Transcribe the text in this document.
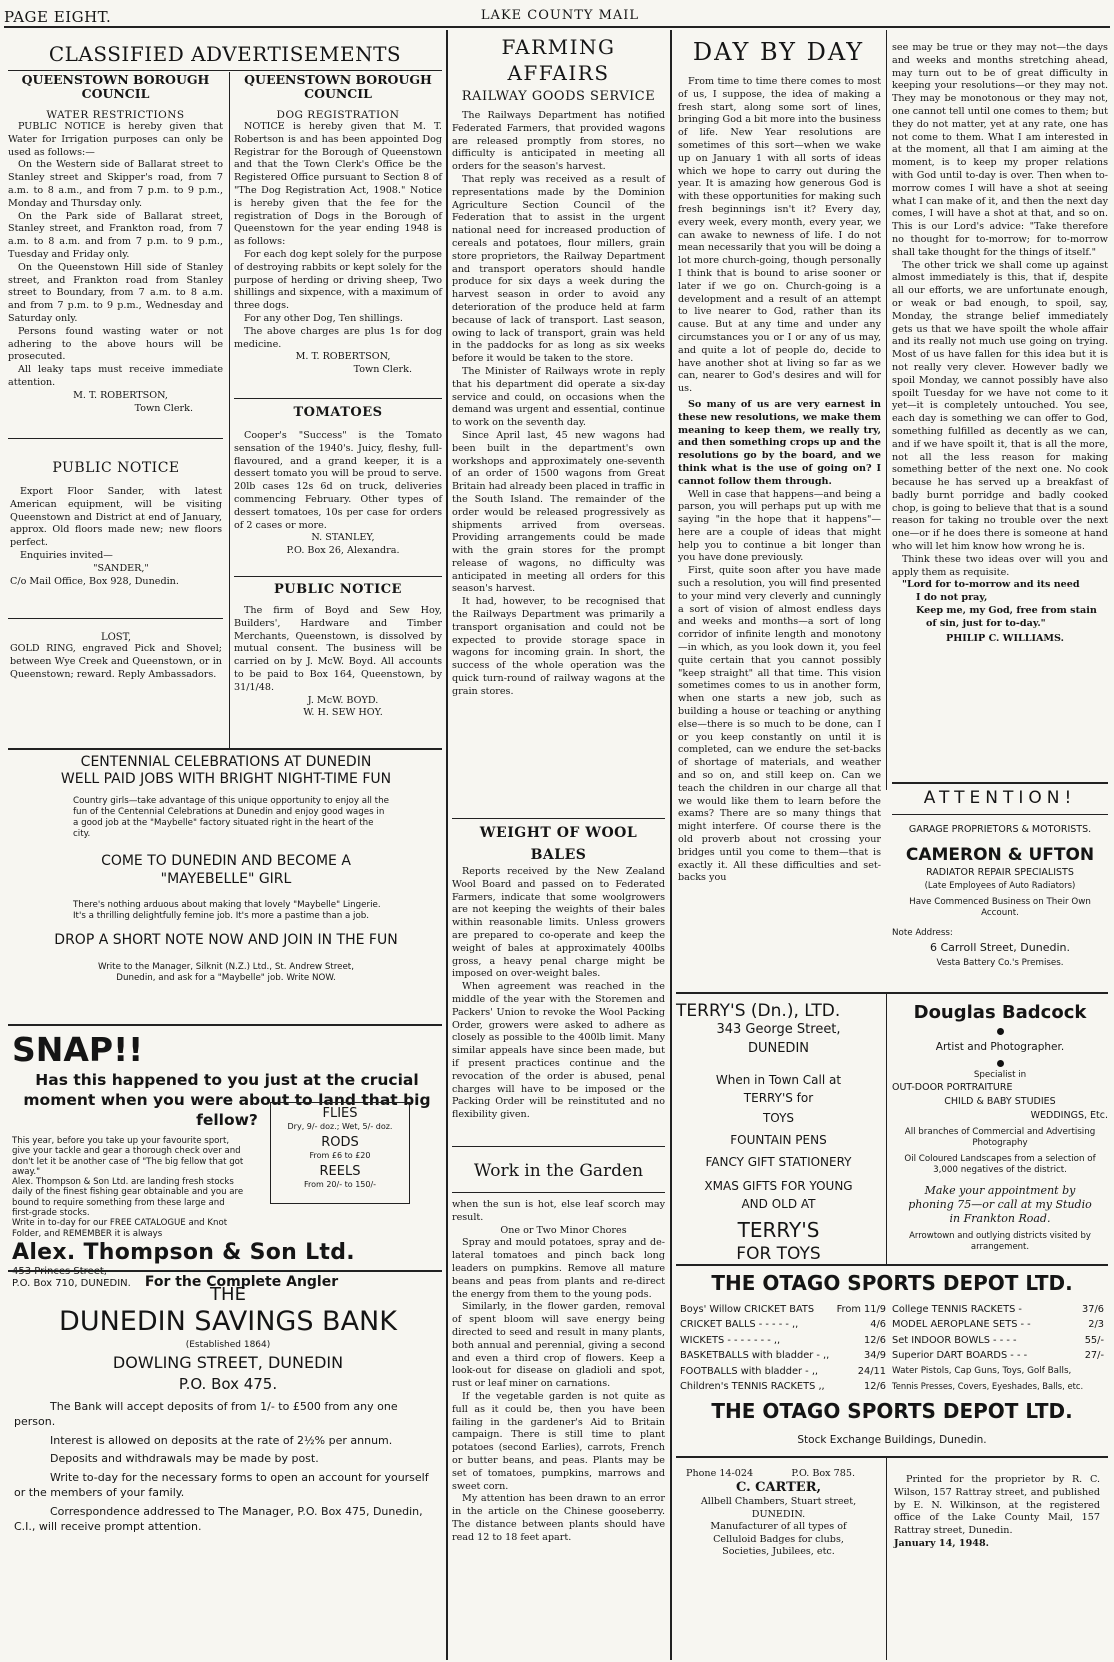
PAGE EIGHT.	LAKE COUNTY MAIL
CLASSIFIED ADVERTISEMENTS
QUEENSTOWN BOROUGH COUNCIL
WATER RESTRICTIONS

PUBLIC NOTICE is hereby given that Water for Irrigation purposes can only be used as follows:—

On the Western side of Ballarat street to Stanley street and Skipper's road, from 7 a.m. to 8 a.m., and from 7 p.m. to 9 p.m., Monday and Thursday only.

On the Park side of Ballarat street, Stanley street, and Frankton road, from 7 a.m. to 8 a.m. and from 7 p.m. to 9 p.m., Tuesday and Friday only.

On the Queenstown Hill side of Stanley street, and Frankton road from Stanley street to Boundary, from 7 a.m. to 8 a.m. and from 7 p.m. to 9 p.m., Wednesday and Saturday only.

Persons found wasting water or not adhering to the above hours will be prosecuted.

All leaky taps must receive immediate attention.

M. T. ROBERTSON,

Town Clerk.

PUBLIC NOTICE

Export Floor Sander, with latest American equipment, will be visiting Queenstown and District at end of January, approx. Old floors made new; new floors perfect.

Enquiries invited—

"SANDER,"

C/o Mail Office, Box 928, Dunedin.

LOST,

GOLD RING, engraved Pick and Shovel; between Wye Creek and Queenstown, or in Queenstown; reward. Reply Ambassadors.

QUEENSTOWN BOROUGH COUNCIL
DOG REGISTRATION

NOTICE is hereby given that M. T. Robertson is and has been appointed Dog Registrar for the Borough of Queenstown and that the Town Clerk's Office be the Registered Office pursuant to Section 8 of "The Dog Registration Act, 1908." Notice is hereby given that the fee for the registration of Dogs in the Borough of Queenstown for the year ending 1948 is as follows:

For each dog kept solely for the purpose of destroying rabbits or kept solely for the purpose of herding or driving sheep, Two shillings and sixpence, with a maximum of three dogs.

For any other Dog, Ten shillings.

The above charges are plus 1s for dog medicine.

M. T. ROBERTSON,

Town Clerk.

TOMATOES

Cooper's "Success" is the Tomato sensation of the 1940's. Juicy, fleshy, full-flavoured, and a grand keeper, it is a dessert tomato you will be proud to serve. 20lb cases 12s 6d on truck, deliveries commencing February. Other types of dessert tomatoes, 10s per case for orders of 2 cases or more.

N. STANLEY,

P.O. Box 26, Alexandra.

PUBLIC NOTICE

The firm of Boyd and Sew Hoy, Builders', Hardware and Timber Merchants, Queenstown, is dissolved by mutual consent. The business will be carried on by J. McW. Boyd. All accounts to be paid to Box 164, Queenstown, by 31/1/48.

J. McW. BOYD.

W. H. SEW HOY.

CENTENNIAL CELEBRATIONS AT DUNEDIN
WELL PAID JOBS WITH BRIGHT NIGHT-TIME FUN

Country girls—take advantage of this unique opportunity to enjoy all the fun of the Centennial Celebrations at Dunedin and enjoy good wages in a good job at the "Maybelle" factory situated right in the heart of the city.

COME TO DUNEDIN AND BECOME A
"MAYEBELLE" GIRL

There's nothing arduous about making that lovely "Maybelle" Lingerie. It's a thrilling delightfully femine job. It's more a pastime than a job.

DROP A SHORT NOTE NOW AND JOIN IN THE FUN

Write to the Manager, Silknit (N.Z.) Ltd., St. Andrew Street, Dunedin, and ask for a "Maybelle" job. Write NOW.

SNAP!!
Has this happened to you just at the crucial moment when you were about to land that big fellow?

This year, before you take up your favourite sport, give your tackle and gear a thorough check over and don't let it be another case of "The big fellow that got away."

Alex. Thompson & Son Ltd. are landing fresh stocks daily of the finest fishing gear obtainable and you are bound to require something from these large and first-grade stocks.

Write in to-day for our FREE CATALOGUE and Knot Folder, and REMEMBER it is always

Alex. Thompson & Son Ltd.
P.O. Box 710, DUNEDIN. For the Complete Angler
FLIES
Dry, 9/- doz.; Wet, 5/- doz.
RODS
From £6 to £20
REELS
From 20/- to 150/-
THE
DUNEDIN SAVINGS BANK
(Established 1864)
DOWLING STREET, DUNEDIN
P.O. Box 475.

The Bank will accept deposits of from 1/- to £500 from any one person.

Interest is allowed on deposits at the rate of 2½% per annum.

Deposits and withdrawals may be made by post.

Write to-day for the necessary forms to open an account for yourself or the members of your family.

Correspondence addressed to The Manager, P.O. Box 475, Dunedin, C.I., will receive prompt attention.

FARMING AFFAIRS
RAILWAY GOODS SERVICE

The Railways Department has notified Federated Farmers, that provided wagons are released promptly from stores, no difficulty is anticipated in meeting all orders for the season's harvest.

That reply was received as a result of representations made by the Dominion Agriculture Section Council of the Federation that to assist in the urgent national need for increased production of cereals and potatoes, flour millers, grain store proprietors, the Railway Department and transport operators should handle produce for six days a week during the harvest season in order to avoid any deterioration of the produce held at farm because of lack of transport. Last season, owing to lack of transport, grain was held in the paddocks for as long as six weeks before it would be taken to the store.

The Minister of Railways wrote in reply that his department did operate a six-day service and could, on occasions when the demand was urgent and essential, continue to work on the seventh day.

Since April last, 45 new wagons had been built in the department's own workshops and approximately one-seventh of an order of 1500 wagons from Great Britain had already been placed in traffic in the South Island. The remainder of the order would be released progressively as shipments arrived from overseas. Providing arrangements could be made with the grain stores for the prompt release of wagons, no difficulty was anticipated in meeting all orders for this season's harvest.

It had, however, to be recognised that the Railways Department was primarily a transport organisation and could not be expected to provide storage space in wagons for incoming grain. In short, the success of the whole operation was the quick turn-round of railway wagons at the grain stores.

WEIGHT OF WOOL BALES

Reports received by the New Zealand Wool Board and passed on to Federated Farmers, indicate that some woolgrowers are not keeping the weights of their bales within reasonable limits. Unless growers are prepared to co-operate and keep the weight of bales at approximately 400lbs gross, a heavy penal charge might be imposed on over-weight bales.

When agreement was reached in the middle of the year with the Storemen and Packers' Union to revoke the Wool Packing Order, growers were asked to adhere as closely as possible to the 400lb limit. Many similar appeals have since been made, but if present practices continue and the revocation of the order is abused, penal charges will have to be imposed or the Packing Order will be reinstituted and no flexibility given.

Work in the Garden

when the sun is hot, else leaf scorch may result.

One or Two Minor Chores

Spray and mould potatoes, spray and de-lateral tomatoes and pinch back long leaders on pumpkins. Remove all mature beans and peas from plants and re-direct the energy from them to the young pods.

Similarly, in the flower garden, removal of spent bloom will save energy being directed to seed and result in many plants, both annual and perennial, giving a second and even a third crop of flowers. Keep a look-out for disease on gladioli and spot, rust or leaf miner on carnations.

If the vegetable garden is not quite as full as it could be, then you have been failing in the gardener's Aid to Britain campaign. There is still time to plant potatoes (second Earlies), carrots, French or butter beans, and peas. Plants may be set of tomatoes, pumpkins, marrows and sweet corn.

My attention has been drawn to an error in the article on the Chinese gooseberry. The distance between plants should have read 12 to 18 feet apart.

DAY BY DAY

From time to time there comes to most of us, I suppose, the idea of making a fresh start, along some sort of lines, bringing God a bit more into the business of life. New Year resolutions are sometimes of this sort—when we wake up on January 1 with all sorts of ideas which we hope to carry out during the year. It is amazing how generous God is with these opportunities for making such fresh beginnings isn't it? Every day, every week, every month, every year, we can awake to newness of life. I do not mean necessarily that you will be doing a lot more church-going, though personally I think that is bound to arise sooner or later if we go on. Church-going is a development and a result of an attempt to live nearer to God, rather than its cause. But at any time and under any circumstances you or I or any of us may, and quite a lot of people do, decide to have another shot at living so far as we can, nearer to God's desires and will for us.

So many of us are very earnest in these new resolutions, we make them meaning to keep them, we really try, and then something crops up and the resolutions go by the board, and we think what is the use of going on? I cannot follow them through.

Well in case that happens—and being a parson, you will perhaps put up with me saying "in the hope that it happens"—here are a couple of ideas that might help you to continue a bit longer than you have done previously.

First, quite soon after you have made such a resolution, you will find presented to your mind very cleverly and cunningly a sort of vision of almost endless days and weeks and months—a sort of long corridor of infinite length and monotony—in which, as you look down it, you feel quite certain that you cannot possibly "keep straight" all that time. This vision sometimes comes to us in another form, when one starts a new job, such as building a house or teaching or anything else—there is so much to be done, can I or you keep constantly on until it is completed, can we endure the set-backs of shortage of materials, and weather and so on, and still keep on. Can we teach the children in our charge all that we would like them to learn before the exams? There are so many things that might interfere. Of course there is the old proverb about not crossing your bridges until you come to them—that is exactly it. All these difficulties and set-backs you

see may be true or they may not—the days and weeks and months stretching ahead, may turn out to be of great difficulty in keeping your resolutions—or they may not. They may be monotonous or they may not, one cannot tell until one comes to them; but they do not matter, yet at any rate, one has not come to them. What I am interested in at the moment, all that I am aiming at the moment, is to keep my proper relations with God until to-day is over. Then when to-morrow comes I will have a shot at seeing what I can make of it, and then the next day comes, I will have a shot at that, and so on. This is our Lord's advice: "Take therefore no thought for to-morrow; for to-morrow shall take thought for the things of itself."

The other trick we shall come up against almost immediately is this, that if, despite all our efforts, we are unfortunate enough, or weak or bad enough, to spoil, say, Monday, the strange belief immediately gets us that we have spoilt the whole affair and its really not much use going on trying. Most of us have fallen for this idea but it is not really very clever. However badly we spoil Monday, we cannot possibly have also spoilt Tuesday for we have not come to it yet—it is completely untouched. You see, each day is something we can offer to God, something fulfilled as decently as we can, and if we have spoilt it, that is all the more, not all the less reason for making something better of the next one. No cook because he has served up a breakfast of badly burnt porridge and badly cooked chop, is going to believe that that is a sound reason for taking no trouble over the next one—or if he does there is someone at hand who will let him know how wrong he is.

Think these two ideas over will you and apply them as requisite.

"Lord for to-morrow and its need

I do not pray,

Keep me, my God, free from stain

of sin, just for to-day."

PHILIP C. WILLIAMS.

ATTENTION!
GARAGE PROPRIETORS & MOTORISTS.
CAMERON & UFTON
RADIATOR REPAIR SPECIALISTS
(Late Employees of Auto Radiators)
Have Commenced Business on Their Own Account.
Note Address:
6 Carroll Street, Dunedin.
Vesta Battery Co.'s Premises.
TERRY'S (Dn.), LTD.
343 George Street,
DUNEDIN
When in Town Call at
TERRY'S for
TOYS
FOUNTAIN PENS
FANCY GIFT STATIONERY
XMAS GIFTS FOR YOUNG AND OLD AT
TERRY'S
FOR TOYS
Douglas Badcock
Artist and Photographer.
Specialist in
OUT-DOOR PORTRAITURE
CHILD & BABY STUDIES
WEDDINGS, Etc.
All branches of Commercial and Advertising Photography
Oil Coloured Landscapes from a selection of 3,000 negatives of the district.
Make your appointment by phoning 75—or call at my Studio in Frankton Road.
Arrowtown and outlying districts visited by arrangement.
THE OTAGO SPORTS DEPOT LTD.
Boys' Willow CRICKET BATS From 11/9
CRICKET BALLS - - - - - ,,	4/6
WICKETS - - - - - - - ,,	12/6
BASKETBALLS with bladder - ,,	34/9
FOOTBALLS with bladder - ,,	24/11
Children's TENNIS RACKETS ,,	12/6
College TENNIS RACKETS -	37/6
MODEL AEROPLANE SETS - -	2/3
Set INDOOR BOWLS - - - -	55/-
Superior DART BOARDS - - -	27/-
Water Pistols, Cap Guns, Toys, Golf Balls,
Tennis Presses, Covers, Eyeshades, Balls, etc.
THE OTAGO SPORTS DEPOT LTD.
Stock Exchange Buildings, Dunedin.
Phone 14-024	P.O. Box 785.
C. CARTER,
Allbell Chambers, Stuart street,
DUNEDIN.
Manufacturer of all types of
Celluloid Badges for clubs,
Societies, Jubilees, etc.

Printed for the proprietor by R. C. Wilson, 157 Rattray street, and published by E. N. Wilkinson, at the registered office of the Lake County Mail, 157 Rattray street, Dunedin.

January 14, 1948.
